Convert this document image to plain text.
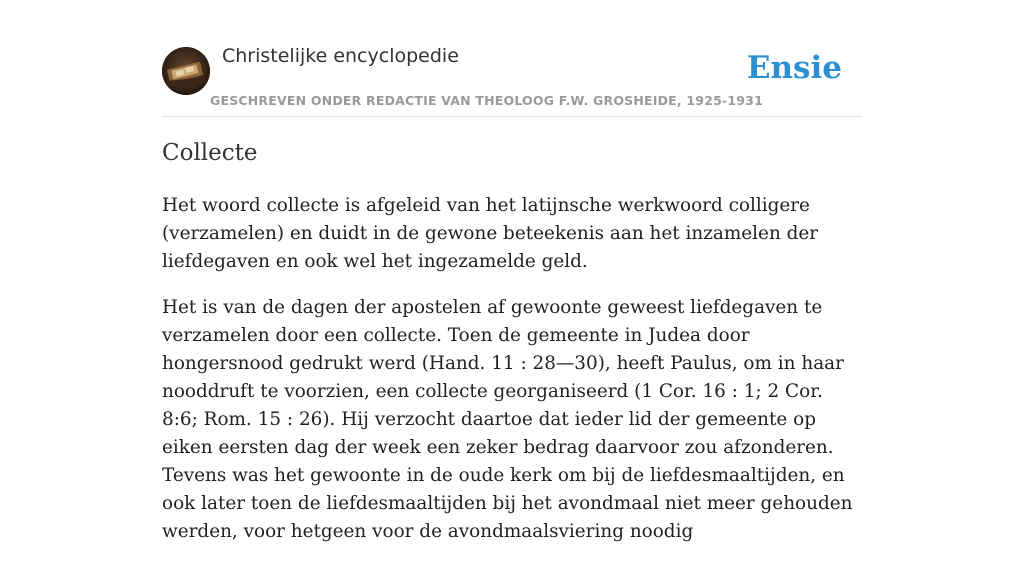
Christelijke encyclopedie
GESCHREVEN ONDER REDACTIE VAN THEOLOOG F.W. GROSHEIDE, 1925-1931
Ensie
Collecte

Het woord collecte is afgeleid van het latijnsche werkwoord colligere (verzamelen) en duidt in de gewone beteekenis aan het inzamelen der liefdegaven en ook wel het ingezamelde geld.

Het is van de dagen der apostelen af gewoonte geweest liefdegaven te verzamelen door een collecte. Toen de gemeente in Judea door hongersnood gedrukt werd (Hand. 11 : 28—30), heeft Paulus, om in haar nooddruft te voorzien, een collecte georganiseerd (1 Cor. 16 : 1; 2 Cor. 8:6; Rom. 15 : 26). Hij verzocht daartoe dat ieder lid der gemeente op eiken eersten dag der week een zeker bedrag daarvoor zou afzonderen. Tevens was het gewoonte in de oude kerk om bij de liefdesmaaltijden, en ook later toen de liefdesmaaltijden bij het avondmaal niet meer gehouden werden, voor hetgeen voor de avondmaalsviering noodig
